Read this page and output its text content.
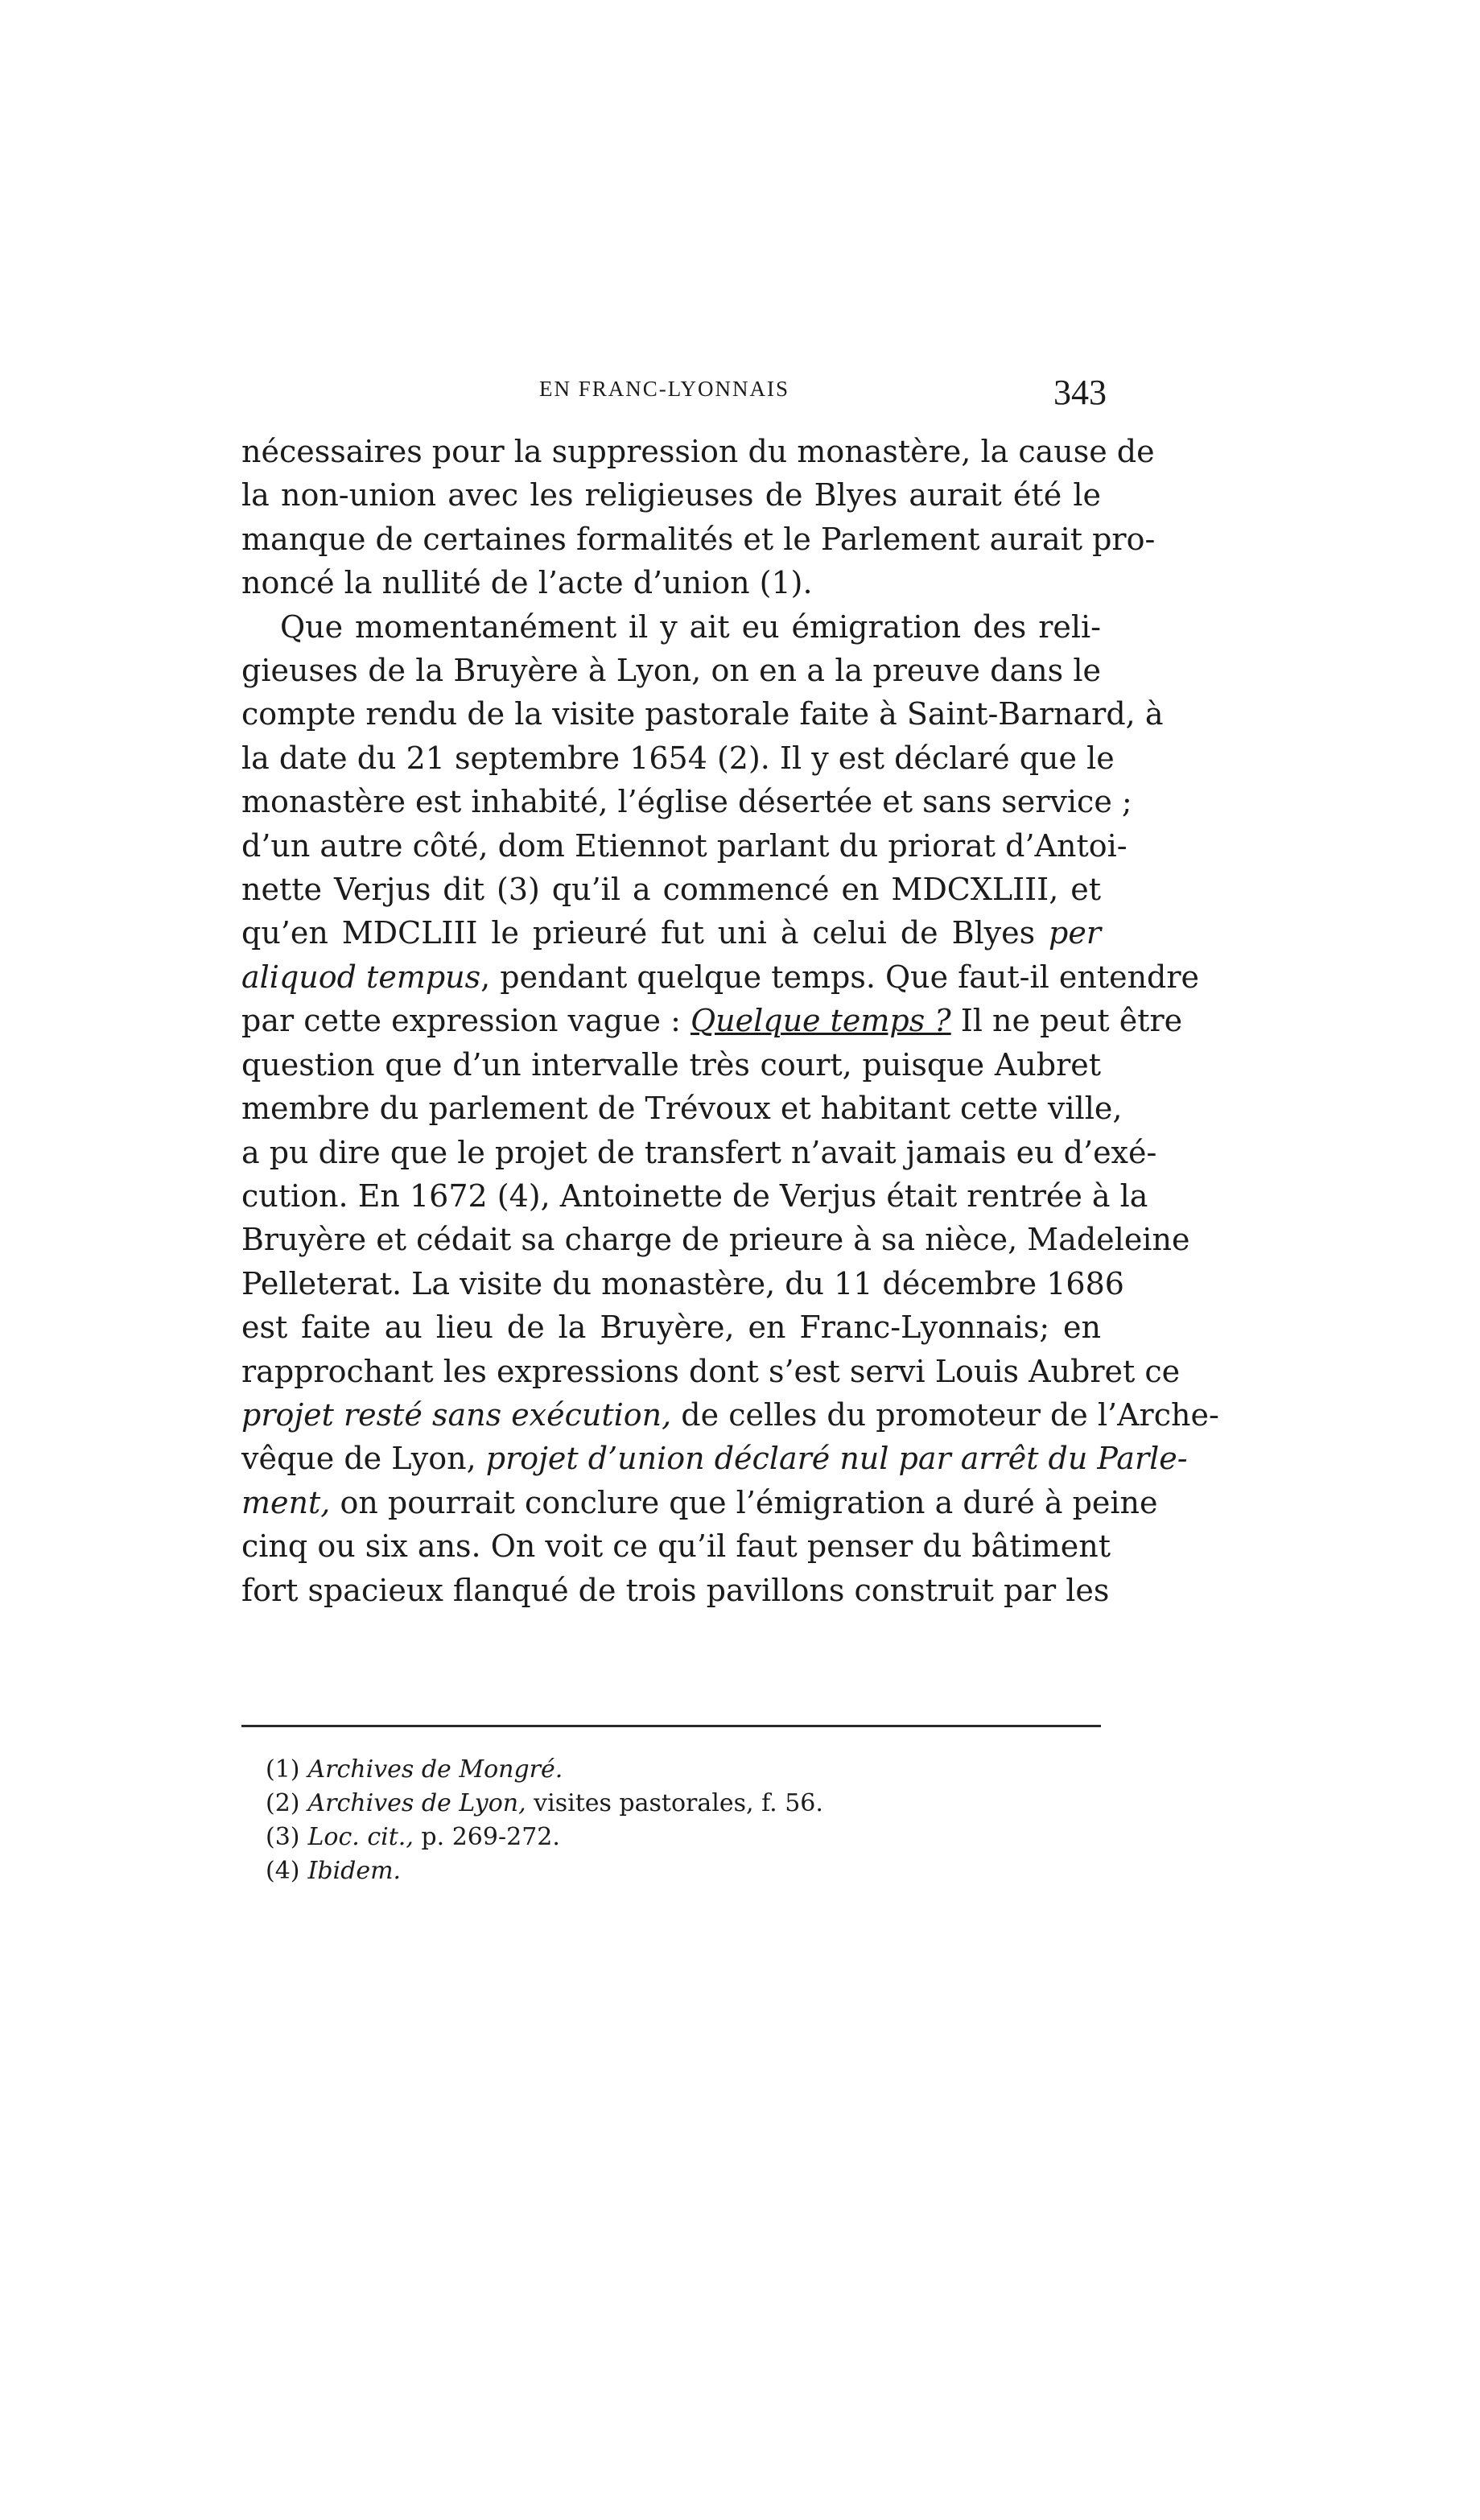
EN FRANC-LYONNAIS	343
nécessaires pour la suppression du monastère, la cause de
la non-union avec les religieuses de Blyes aurait été le
manque de certaines formalités et le Parlement aurait pro-
noncé la nullité de l’acte d’union (1).
Que momentanément il y ait eu émigration des reli-
gieuses de la Bruyère à Lyon, on en a la preuve dans le
compte rendu de la visite pastorale faite à Saint-Barnard, à
la date du 21 septembre 1654 (2). Il y est déclaré que le
monastère est inhabité, l’église désertée et sans service ;
d’un autre côté, dom Etiennot parlant du priorat d’Antoi-
nette Verjus dit (3) qu’il a commencé en MDCXLIII, et
qu’en MDCLIII le prieuré fut uni à celui de Blyes per
aliquod tempus, pendant quelque temps. Que faut-il entendre
par cette expression vague : Quelque temps ? Il ne peut être
question que d’un intervalle très court, puisque Aubret
membre du parlement de Trévoux et habitant cette ville,
a pu dire que le projet de transfert n’avait jamais eu d’exé-
cution. En 1672 (4), Antoinette de Verjus était rentrée à la
Bruyère et cédait sa charge de prieure à sa nièce, Madeleine
Pelleterat. La visite du monastère, du 11 décembre 1686
est faite au lieu de la Bruyère, en Franc-Lyonnais; en
rapprochant les expressions dont s’est servi Louis Aubret ce
projet resté sans exécution, de celles du promoteur de l’Arche-
vêque de Lyon, projet d’union déclaré nul par arrêt du Parle-
ment, on pourrait conclure que l’émigration a duré à peine
cinq ou six ans. On voit ce qu’il faut penser du bâtiment
fort spacieux flanqué de trois pavillons construit par les
(1) Archives de Mongré.
(2) Archives de Lyon, visites pastorales, f. 56.
(3) Loc. cit., p. 269-272.
(4) Ibidem.
